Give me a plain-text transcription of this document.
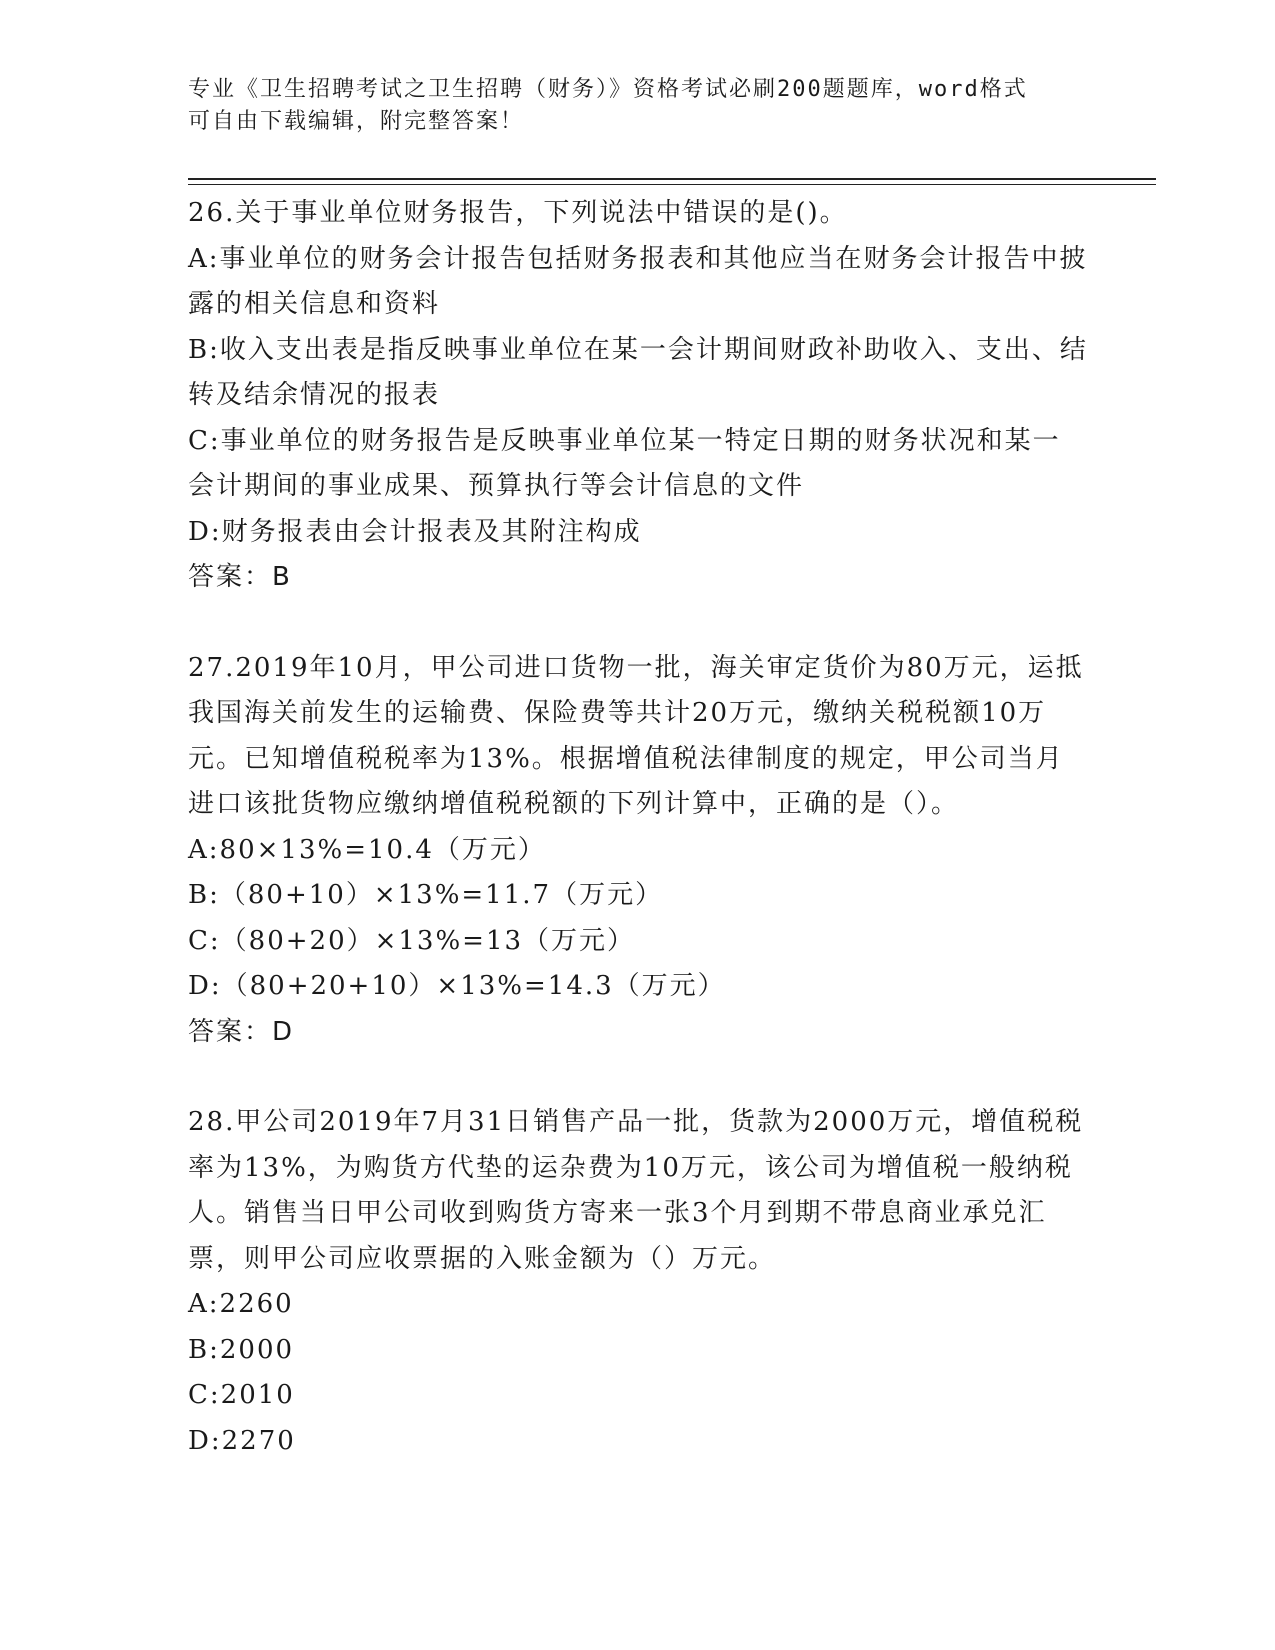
专业《卫生招聘考试之卫生招聘（财务）》资格考试必刷200题题库，word格式
可自由下载编辑，附完整答案！

26.关于事业单位财务报告，下列说法中错误的是()。

A:事业单位的财务会计报告包括财务报表和其他应当在财务会计报告中披露的相关信息和资料

B:收入支出表是指反映事业单位在某一会计期间财政补助收入、支出、结转及结余情况的报表

C:事业单位的财务报告是反映事业单位某一特定日期的财务状况和某一会计期间的事业成果、预算执行等会计信息的文件

D:财务报表由会计报表及其附注构成

答案：B

27.2019年10月，甲公司进口货物一批，海关审定货价为80万元，运抵我国海关前发生的运输费、保险费等共计20万元，缴纳关税税额10万元。已知增值税税率为13%。根据增值税法律制度的规定，甲公司当月进口该批货物应缴纳增值税税额的下列计算中，正确的是（）。

A:80×13%=10.4（万元）

B:（80+10）×13%=11.7（万元）

C:（80+20）×13%=13（万元）

D:（80+20+10）×13%=14.3（万元）

答案：D

28.甲公司2019年7月31日销售产品一批，货款为2000万元，增值税税率为13%，为购货方代垫的运杂费为10万元，该公司为增值税一般纳税人。销售当日甲公司收到购货方寄来一张3个月到期不带息商业承兑汇票，则甲公司应收票据的入账金额为（）万元。

A:2260

B:2000

C:2010

D:2270
